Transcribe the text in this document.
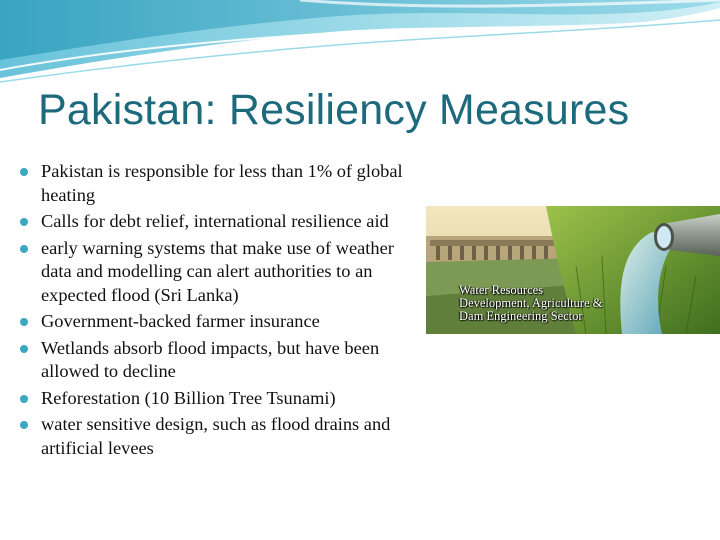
Pakistan: Resiliency Measures
Pakistan is responsible for less than 1% of global heating
Calls for debt relief, international resilience aid
early warning systems that make use of weather data and modelling can alert authorities to an expected flood (Sri Lanka)
Government-backed farmer insurance
Wetlands absorb flood impacts, but have been allowed to decline
Reforestation (10 Billion Tree Tsunami)
water sensitive design, such as flood drains and artificial levees
Water Resources
Development, Agriculture &
Dam Engineering Sector
